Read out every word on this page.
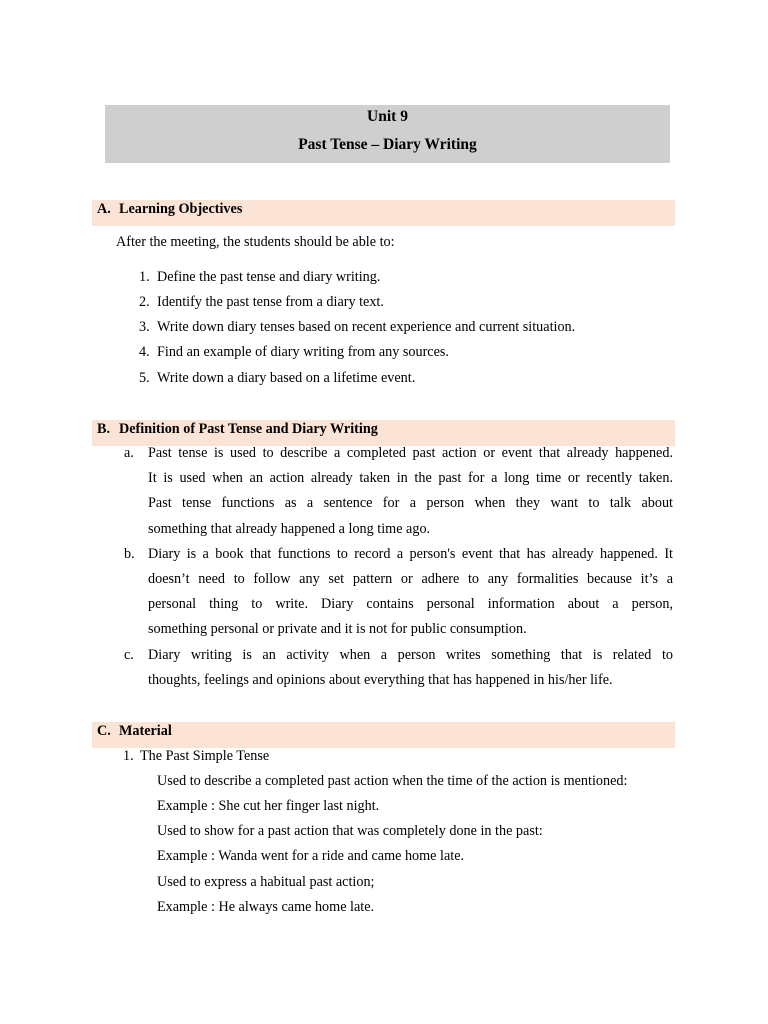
Unit 9
Past Tense – Diary Writing
A. Learning Objectives
After the meeting, the students should be able to:
1. Define the past tense and diary writing.
2. Identify the past tense from a diary text.
3. Write down diary tenses based on recent experience and current situation.
4. Find an example of diary writing from any sources.
5. Write down a diary based on a lifetime event.
B. Definition of Past Tense and Diary Writing
a. Past tense is used to describe a completed past action or event that already happened.
It is used when an action already taken in the past for a long time or recently taken.
Past tense functions as a sentence for a person when they want to talk about
something that already happened a long time ago.
b. Diary is a book that functions to record a person's event that has already happened. It
doesn’t need to follow any set pattern or adhere to any formalities because it’s a
personal thing to write. Diary contains personal information about a person,
something personal or private and it is not for public consumption.
c. Diary writing is an activity when a person writes something that is related to
thoughts, feelings and opinions about everything that has happened in his/her life.
C. Material
1. The Past Simple Tense
Used to describe a completed past action when the time of the action is mentioned:
Example : She cut her finger last night.
Used to show for a past action that was completely done in the past:
Example : Wanda went for a ride and came home late.
Used to express a habitual past action;
Example : He always came home late.
